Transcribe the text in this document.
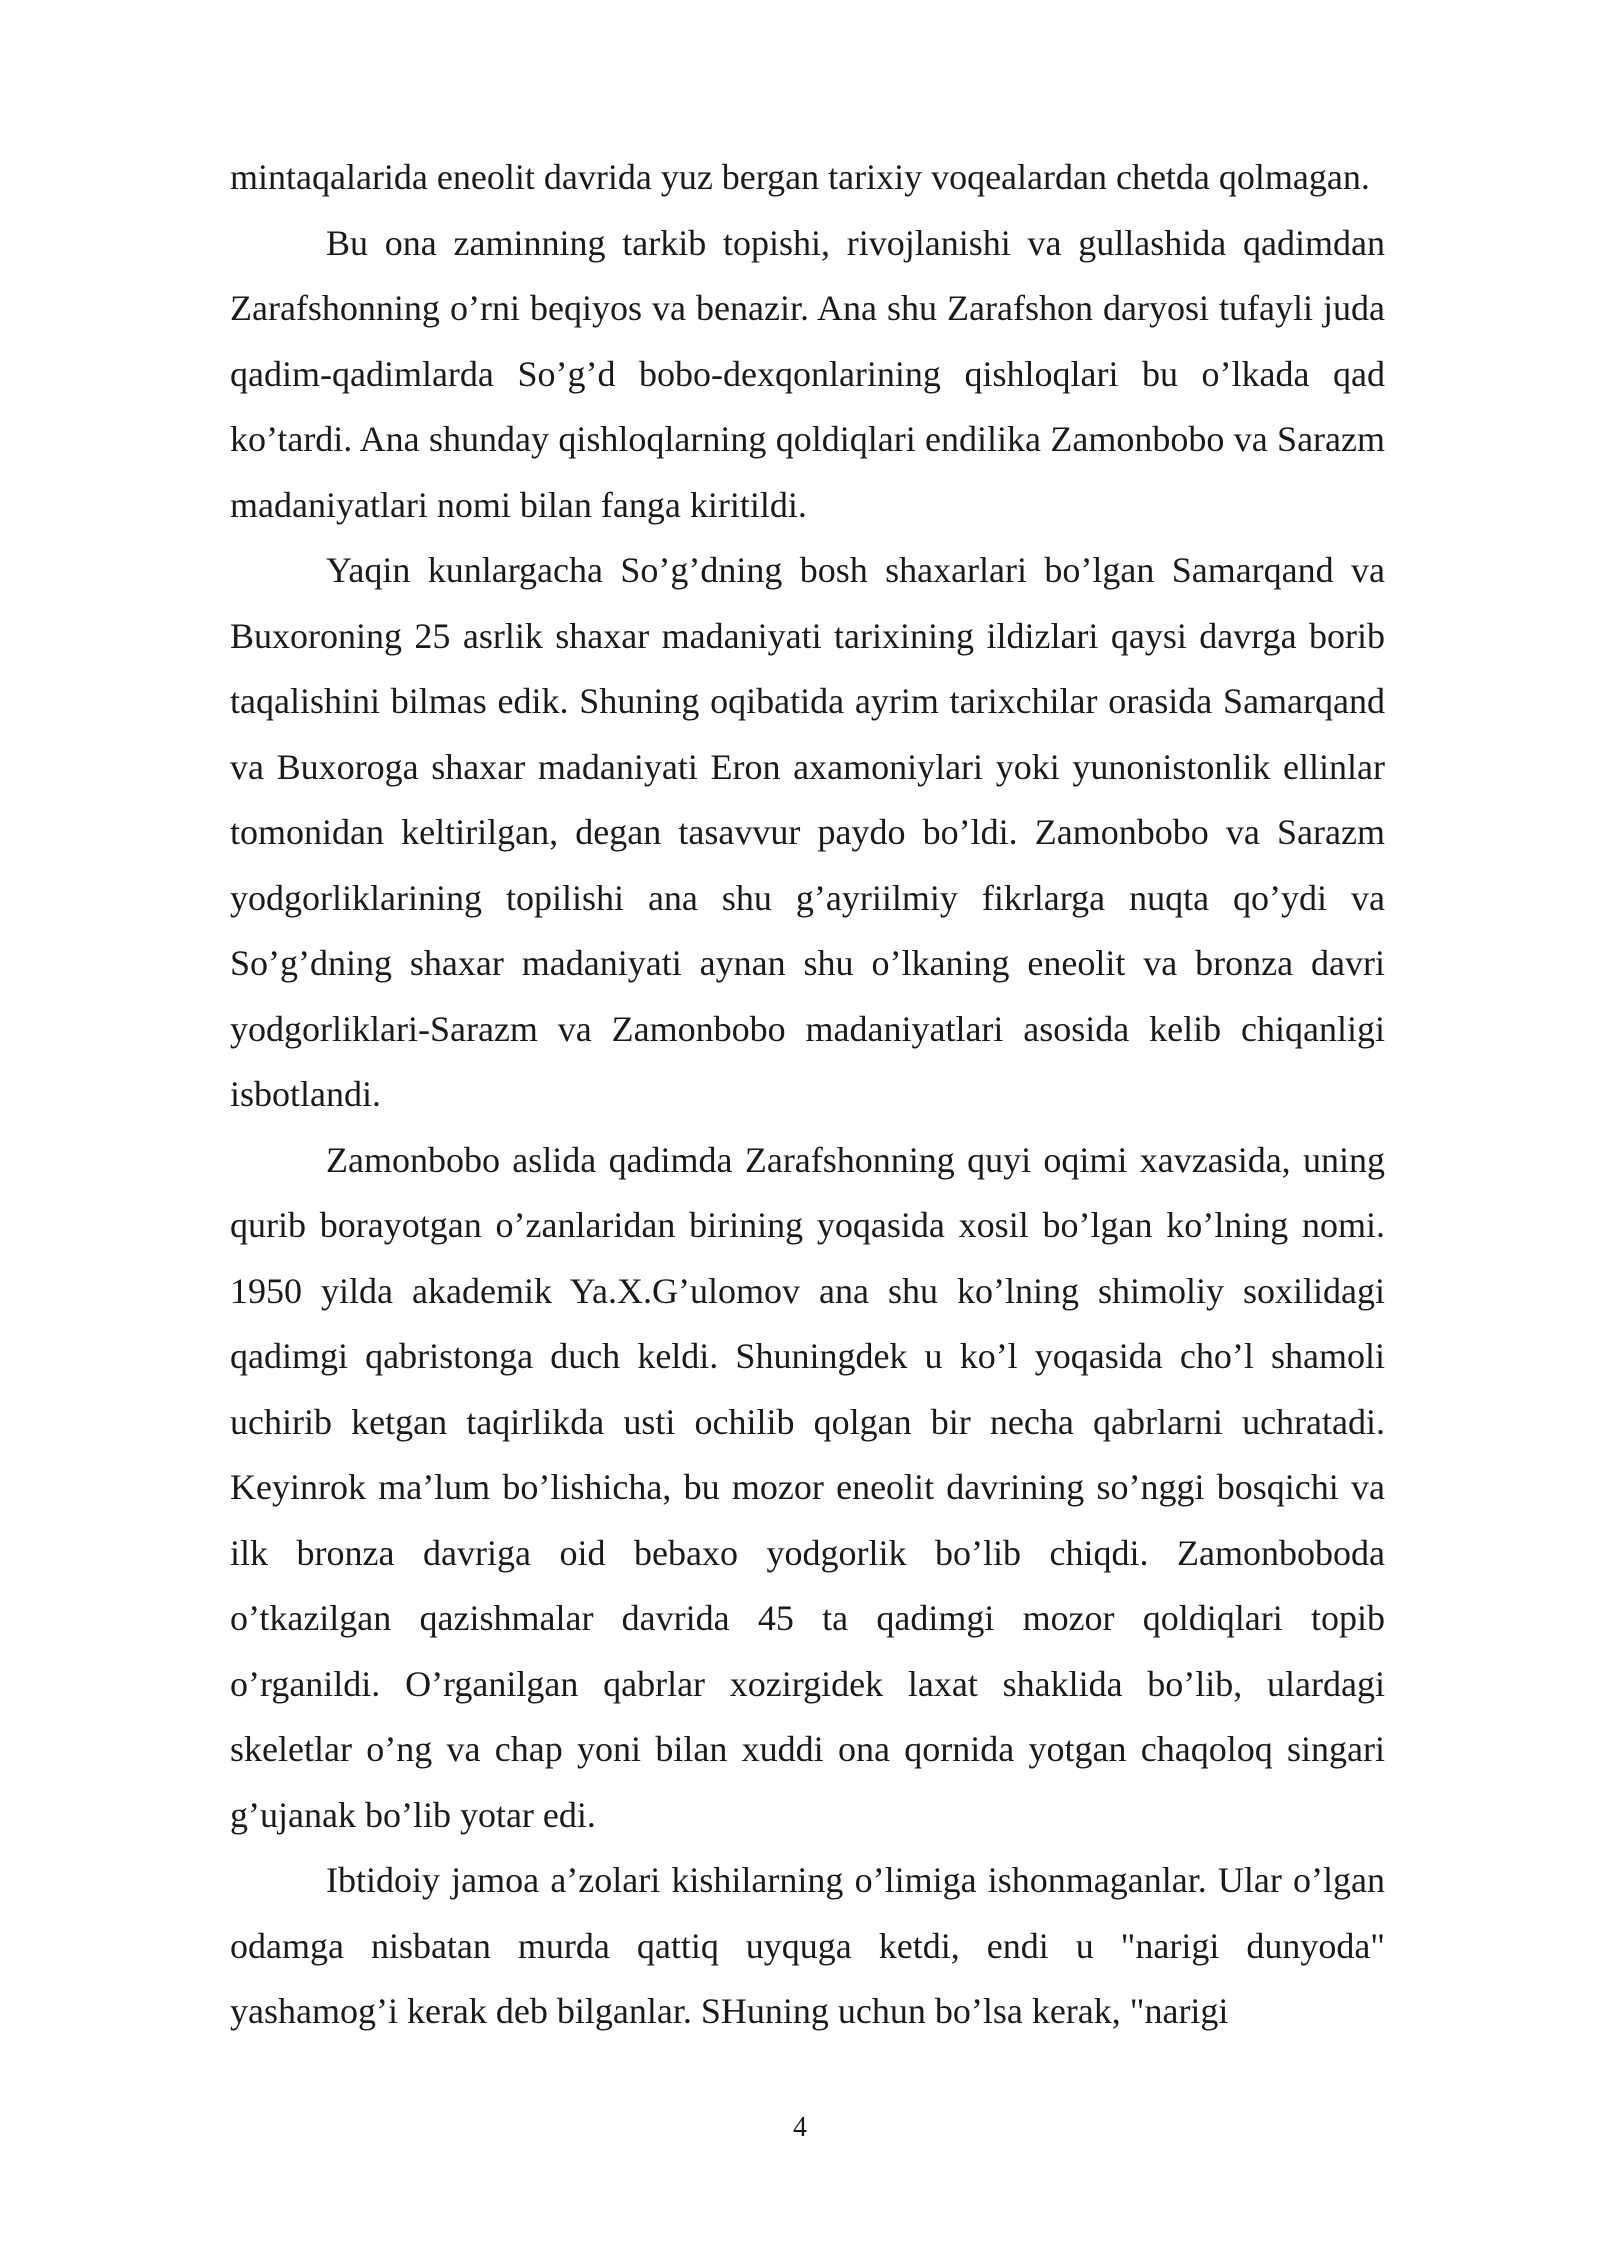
mintaqalarida eneolit davrida yuz bergan tarixiy voqealardan chetda qolmagan.

Bu ona zaminning tarkib topishi, rivojlanishi va gullashida qadimdan Zarafshonning o’rni beqiyos va benazir. Ana shu Zarafshon daryosi tufayli juda qadim-qadimlarda So’g’d bobo-dexqonlarining qishloqlari bu o’lkada qad ko’tardi. Ana shunday qishloqlarning qoldiqlari endilika Zamonbobo va Sarazm madaniyatlari nomi bilan fanga kiritildi.

Yaqin kunlargacha So’g’dning bosh shaxarlari bo’lgan Samarqand va Buxoroning 25 asrlik shaxar madaniyati tarixining ildizlari qaysi davrga borib taqalishini bilmas edik. Shuning oqibatida ayrim tarixchilar orasida Samarqand va Buxoroga shaxar madaniyati Eron axamoniylari yoki yunonistonlik ellinlar tomonidan keltirilgan, degan tasavvur paydo bo’ldi. Zamonbobo va Sarazm yodgorliklarining topilishi ana shu g’ayriilmiy fikrlarga nuqta qo’ydi va So’g’dning shaxar madaniyati aynan shu o’lkaning eneolit va bronza davri yodgorliklari-Sarazm va Zamonbobo madaniyatlari asosida kelib chiqanligi isbotlandi.

Zamonbobo aslida qadimda Zarafshonning quyi oqimi xavzasida, uning qurib borayotgan o’zanlaridan birining yoqasida xosil bo’lgan ko’lning nomi. 1950 yilda akademik Ya.X.G’ulomov ana shu ko’lning shimoliy soxilidagi qadimgi qabristonga duch keldi. Shuningdek u ko’l yoqasida cho’l shamoli uchirib ketgan taqirlikda usti ochilib qolgan bir necha qabrlarni uchratadi. Keyinrok ma’lum bo’lishicha, bu mozor eneolit davrining so’nggi bosqichi va ilk bronza davriga oid bebaxo yodgorlik bo’lib chiqdi. Zamonboboda o’tkazilgan qazishmalar davrida 45 ta qadimgi mozor qoldiqlari topib o’rganildi. O’rganilgan qabrlar xozirgidek laxat shaklida bo’lib, ulardagi skeletlar o’ng va chap yoni bilan xuddi ona qornida yotgan chaqoloq singari g’ujanak bo’lib yotar edi.

Ibtidoiy jamoa a’zolari kishilarning o’limiga ishonmaganlar. Ular o’lgan odamga nisbatan murda qattiq uyquga ketdi, endi u "narigi dunyoda" yashamog’i kerak deb bilganlar. SHuning uchun bo’lsa kerak, "narigi

4
